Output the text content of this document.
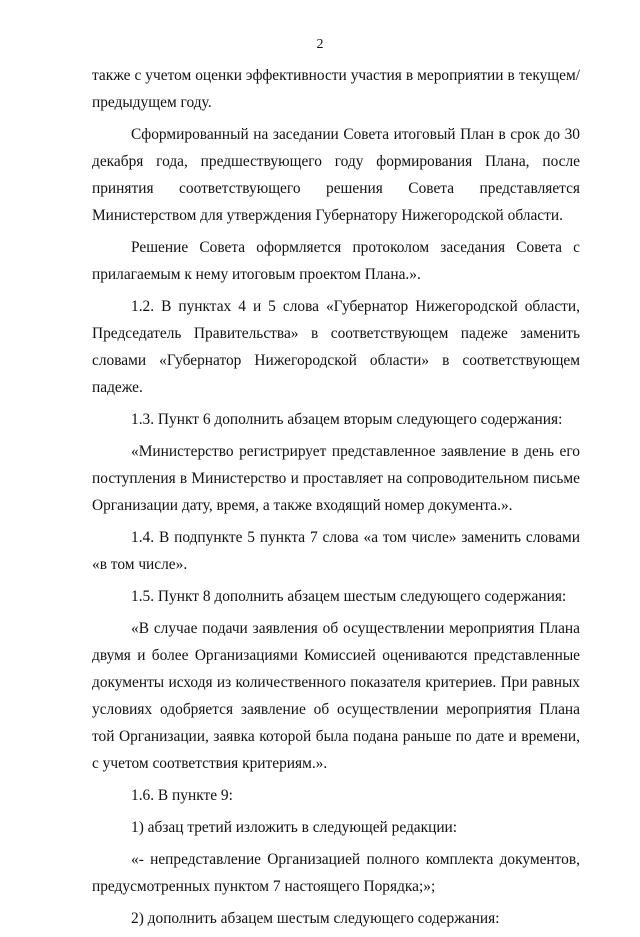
2

также с учетом оценки эффективности участия в мероприятии в текущем/предыдущем году.

Сформированный на заседании Совета итоговый План в срок до 30 декабря года, предшествующего году формирования Плана, после принятия соответствующего решения Совета представляется Министерством для утверждения Губернатору Нижегородской области.

Решение Совета оформляется протоколом заседания Совета с прилагаемым к нему итоговым проектом Плана.».

1.2. В пунктах 4 и 5 слова «Губернатор Нижегородской области, Председатель Правительства» в соответствующем падеже заменить словами «Губернатор Нижегородской области» в соответствующем падеже.

1.3. Пункт 6 дополнить абзацем вторым следующего содержания:

«Министерство регистрирует представленное заявление в день его поступления в Министерство и проставляет на сопроводительном письме Организации дату, время, а также входящий номер документа.».

1.4. В подпункте 5 пункта 7 слова «а том числе» заменить словами «в том числе».

1.5. Пункт 8 дополнить абзацем шестым следующего содержания:

«В случае подачи заявления об осуществлении мероприятия Плана двумя и более Организациями Комиссией оцениваются представленные документы исходя из количественного показателя критериев. При равных условиях одобряется заявление об осуществлении мероприятия Плана той Организации, заявка которой была подана раньше по дате и времени, с учетом соответствия критериям.».

1.6. В пункте 9:

1) абзац третий изложить в следующей редакции:

«- непредставление Организацией полного комплекта документов, предусмотренных пунктом 7 настоящего Порядка;»;

2) дополнить абзацем шестым следующего содержания:
